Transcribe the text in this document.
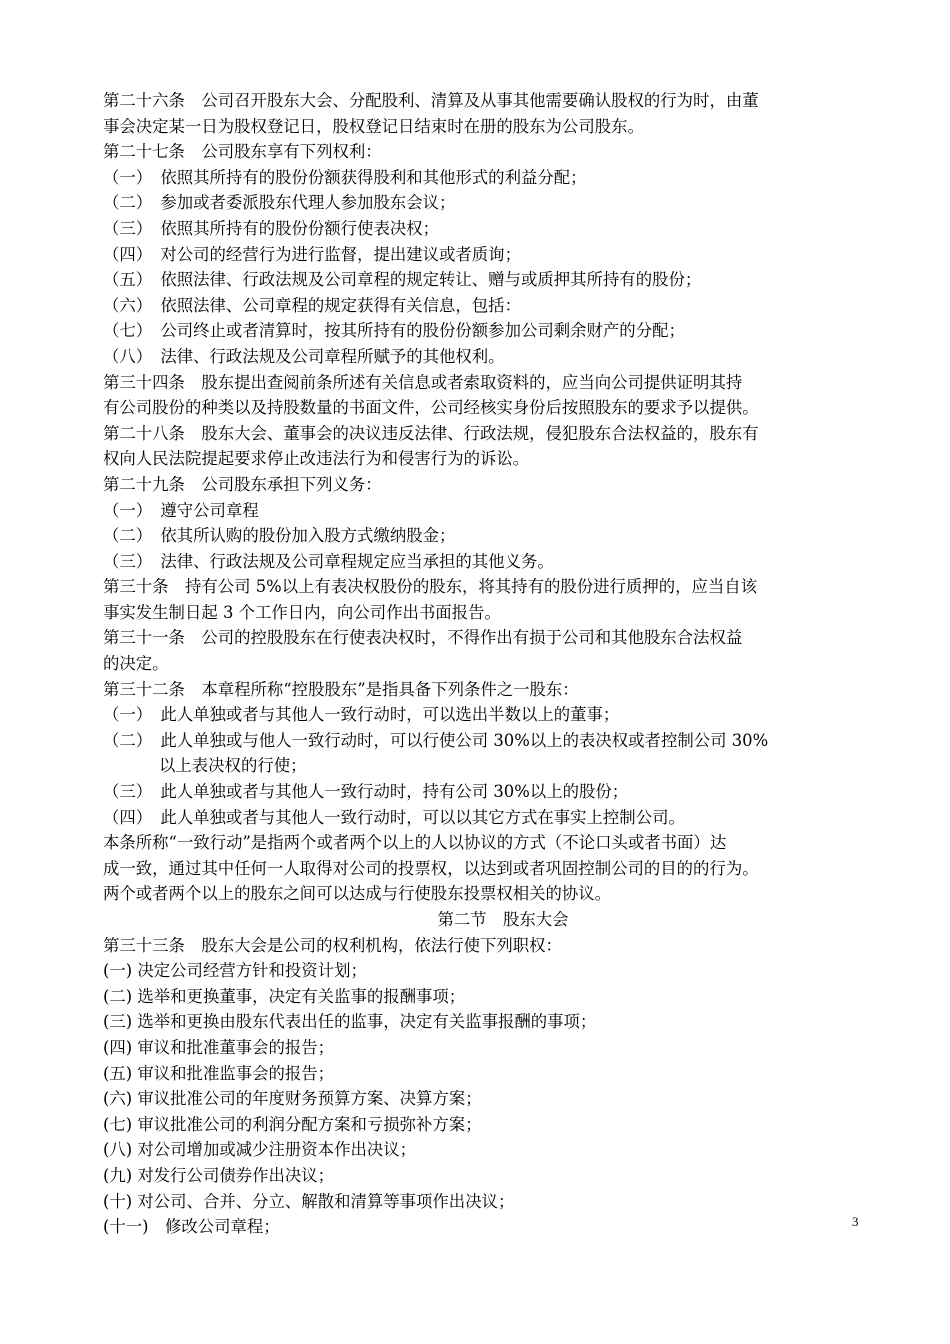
第二十六条　公司召开股东大会、分配股利、清算及从事其他需要确认股权的行为时，由董
事会决定某一日为股权登记日，股权登记日结束时在册的股东为公司股东。
第二十七条　公司股东享有下列权利：
（一）　依照其所持有的股份份额获得股利和其他形式的利益分配；
（二）　参加或者委派股东代理人参加股东会议；
（三）　依照其所持有的股份份额行使表决权；
（四）　对公司的经营行为进行监督，提出建议或者质询；
（五）　依照法律、行政法规及公司章程的规定转让、赠与或质押其所持有的股份；
（六）　依照法律、公司章程的规定获得有关信息，包括：
（七）　公司终止或者清算时，按其所持有的股份份额参加公司剩余财产的分配；
（八）　法律、行政法规及公司章程所赋予的其他权利。
第三十四条　股东提出查阅前条所述有关信息或者索取资料的，应当向公司提供证明其持
有公司股份的种类以及持股数量的书面文件，公司经核实身份后按照股东的要求予以提供。
第二十八条　股东大会、董事会的决议违反法律、行政法规，侵犯股东合法权益的，股东有
权向人民法院提起要求停止改违法行为和侵害行为的诉讼。
第二十九条　公司股东承担下列义务：
（一）　遵守公司章程
（二）　依其所认购的股份加入股方式缴纳股金；
（三）　法律、行政法规及公司章程规定应当承担的其他义务。
第三十条　持有公司 5%以上有表决权股份的股东，将其持有的股份进行质押的，应当自该
事实发生制日起 3 个工作日内，向公司作出书面报告。
第三十一条　公司的控股股东在行使表决权时，不得作出有损于公司和其他股东合法权益
的决定。
第三十二条　本章程所称“控股股东”是指具备下列条件之一股东：
（一）　此人单独或者与其他人一致行动时，可以选出半数以上的董事；
（二）　此人单独或与他人一致行动时，可以行使公司 30%以上的表决权或者控制公司 30%
以上表决权的行使；
（三）　此人单独或者与其他人一致行动时，持有公司 30%以上的股份；
（四）　此人单独或者与其他人一致行动时，可以以其它方式在事实上控制公司。
本条所称“一致行动”是指两个或者两个以上的人以协议的方式（不论口头或者书面）达
成一致，通过其中任何一人取得对公司的投票权，以达到或者巩固控制公司的目的的行为。
两个或者两个以上的股东之间可以达成与行使股东投票权相关的协议。
第二节　股东大会
第三十三条　股东大会是公司的权利机构，依法行使下列职权：
(一) 决定公司经营方针和投资计划；
(二) 选举和更换董事，决定有关监事的报酬事项；
(三) 选举和更换由股东代表出任的监事，决定有关监事报酬的事项；
(四) 审议和批准董事会的报告；
(五) 审议和批准监事会的报告；
(六) 审议批准公司的年度财务预算方案、决算方案；
(七) 审议批准公司的利润分配方案和亏损弥补方案；
(八) 对公司增加或减少注册资本作出决议；
(九) 对发行公司债券作出决议；
(十) 对公司、合并、分立、解散和清算等事项作出决议；
(十一)　修改公司章程；	3
